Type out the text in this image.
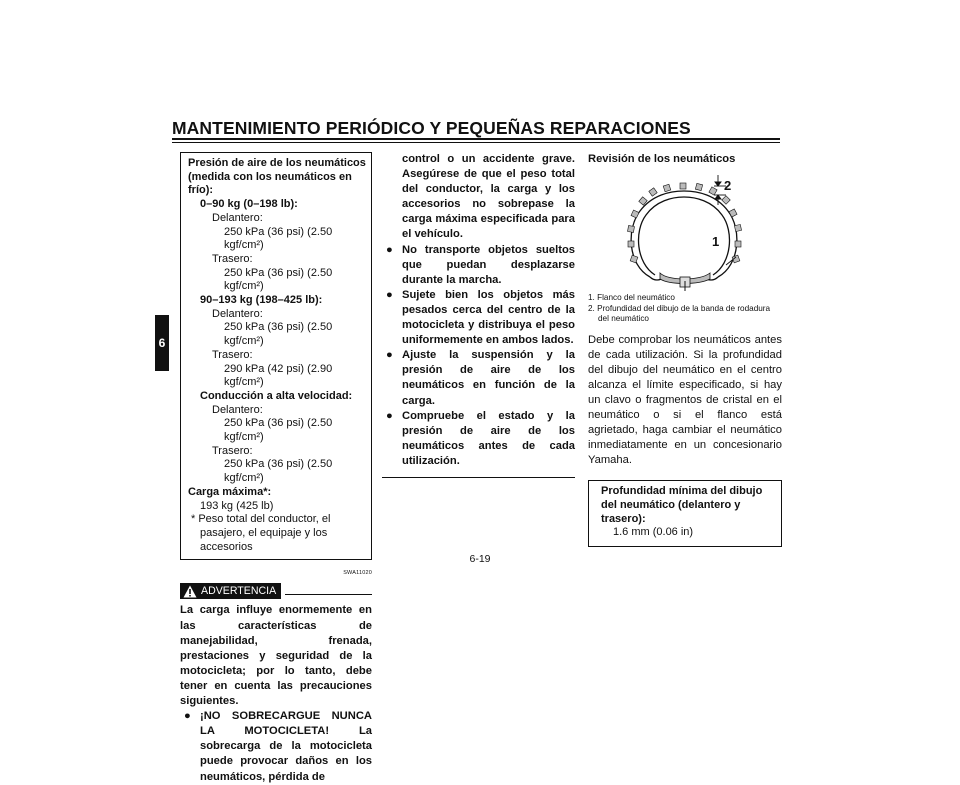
MANTENIMIENTO PERIÓDICO Y PEQUEÑAS REPARACIONES
6
Presión de aire de los neumáticos
(medida con los neumáticos en frío):
0–90 kg (0–198 lb):
Delantero:
250 kPa (36 psi) (2.50 kgf/cm²)
Trasero:
250 kPa (36 psi) (2.50 kgf/cm²)
90–193 kg (198–425 lb):
Delantero:
250 kPa (36 psi) (2.50 kgf/cm²)
Trasero:
290 kPa (42 psi) (2.90 kgf/cm²)
Conducción a alta velocidad:
Delantero:
250 kPa (36 psi) (2.50 kgf/cm²)
Trasero:
250 kPa (36 psi) (2.50 kgf/cm²)
Carga máxima*:
193 kg (425 lb)
* Peso total del conductor, el pasajero, el equipaje y los accesorios
SWA11020
ADVERTENCIA
La carga influye enormemente en las características de manejabilidad, frenada, prestaciones y seguridad de la motocicleta; por lo tanto, debe tener en cuenta las precauciones siguientes.
● ¡NO SOBRECARGUE NUNCA LA MOTOCICLETA! La sobrecarga de la motocicleta puede provocar daños en los neumáticos, pérdida de
control o un accidente grave. Asegúrese de que el peso total del conductor, la carga y los accesorios no sobrepase la carga máxima especificada para el vehículo.
● No transporte objetos sueltos que puedan desplazarse durante la marcha.
● Sujete bien los objetos más pesados cerca del centro de la motocicleta y distribuya el peso uniformemente en ambos lados.
● Ajuste la suspensión y la presión de aire de los neumáticos en función de la carga.
● Compruebe el estado y la presión de aire de los neumáticos antes de cada utilización.
Revisión de los neumáticos
2
1
1. Flanco del neumático
2. Profundidad del dibujo de la banda de rodadura del neumático
Debe comprobar los neumáticos antes de cada utilización. Si la profundidad del dibujo del neumático en el centro alcanza el límite especificado, si hay un clavo o fragmentos de cristal en el neumático o si el flanco está agrietado, haga cambiar el neumático inmediatamente en un concesionario Yamaha.
Profundidad mínima del dibujo del neumático (delantero y trasero):
1.6 mm (0.06 in)
6-19
